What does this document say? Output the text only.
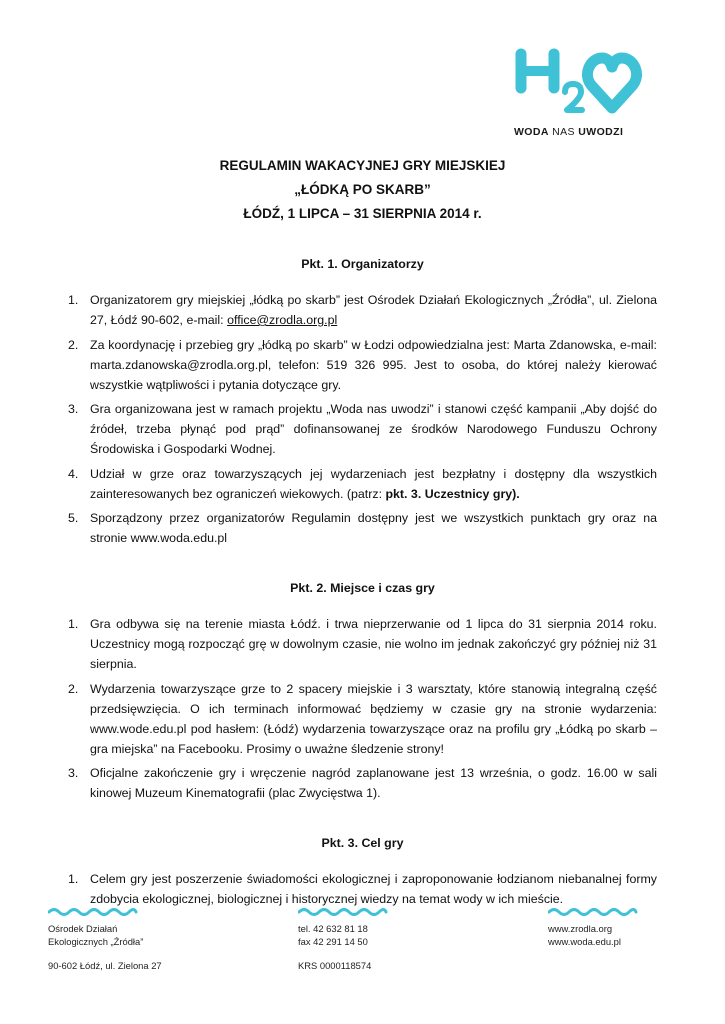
WODA NAS UWODZI
REGULAMIN WAKACYJNEJ GRY MIEJSKIEJ
„ŁÓDKĄ PO SKARB”
ŁÓDŹ, 1 LIPCA – 31 SIERPNIA 2014 r.
Pkt. 1. Organizatorzy
1. Organizatorem gry miejskiej „łódką po skarb” jest Ośrodek Działań Ekologicznych „Źródła”, ul. Zielona 27, Łódź 90-602, e-mail: office@zrodla.org.pl
2. Za koordynację i przebieg gry „łódką po skarb” w Łodzi odpowiedzialna jest: Marta Zdanowska, e-mail: marta.zdanowska@zrodla.org.pl, telefon: 519 326 995. Jest to osoba, do której należy kierować wszystkie wątpliwości i pytania dotyczące gry.
3. Gra organizowana jest w ramach projektu „Woda nas uwodzi” i stanowi część kampanii „Aby dojść do źródeł, trzeba płynąć pod prąd” dofinansowanej ze środków Narodowego Funduszu Ochrony Środowiska i Gospodarki Wodnej.
4. Udział w grze oraz towarzyszących jej wydarzeniach jest bezpłatny i dostępny dla wszystkich zainteresowanych bez ograniczeń wiekowych. (patrz: pkt. 3. Uczestnicy gry).
5. Sporządzony przez organizatorów Regulamin dostępny jest we wszystkich punktach gry oraz na stronie www.woda.edu.pl
Pkt. 2. Miejsce i czas gry
1. Gra odbywa się na terenie miasta Łódź. i trwa nieprzerwanie od 1 lipca do 31 sierpnia 2014 roku. Uczestnicy mogą rozpocząć grę w dowolnym czasie, nie wolno im jednak zakończyć gry później niż 31 sierpnia.
2. Wydarzenia towarzyszące grze to 2 spacery miejskie i 3 warsztaty, które stanowią integralną część przedsięwzięcia. O ich terminach informować będziemy w czasie gry na stronie wydarzenia: www.wode.edu.pl pod hasłem: (Łódź) wydarzenia towarzyszące oraz na profilu gry „Łódką po skarb – gra miejska” na Facebooku. Prosimy o uważne śledzenie strony!
3. Oficjalne zakończenie gry i wręczenie nagród zaplanowane jest 13 września, o godz. 16.00 w sali kinowej Muzeum Kinematografii (plac Zwycięstwa 1).
Pkt. 3. Cel gry
1. Celem gry jest poszerzenie świadomości ekologicznej i zaproponowanie łodzianom niebanalnej formy zdobycia ekologicznej, biologicznej i historycznej wiedzy na temat wody w ich mieście.
Ośrodek Działań
Ekologicznych „Źródła”
90-602 Łódź, ul. Zielona 27
tel. 42 632 81 18
fax 42 291 14 50
KRS 0000118574
www.zrodla.org
www.woda.edu.pl
